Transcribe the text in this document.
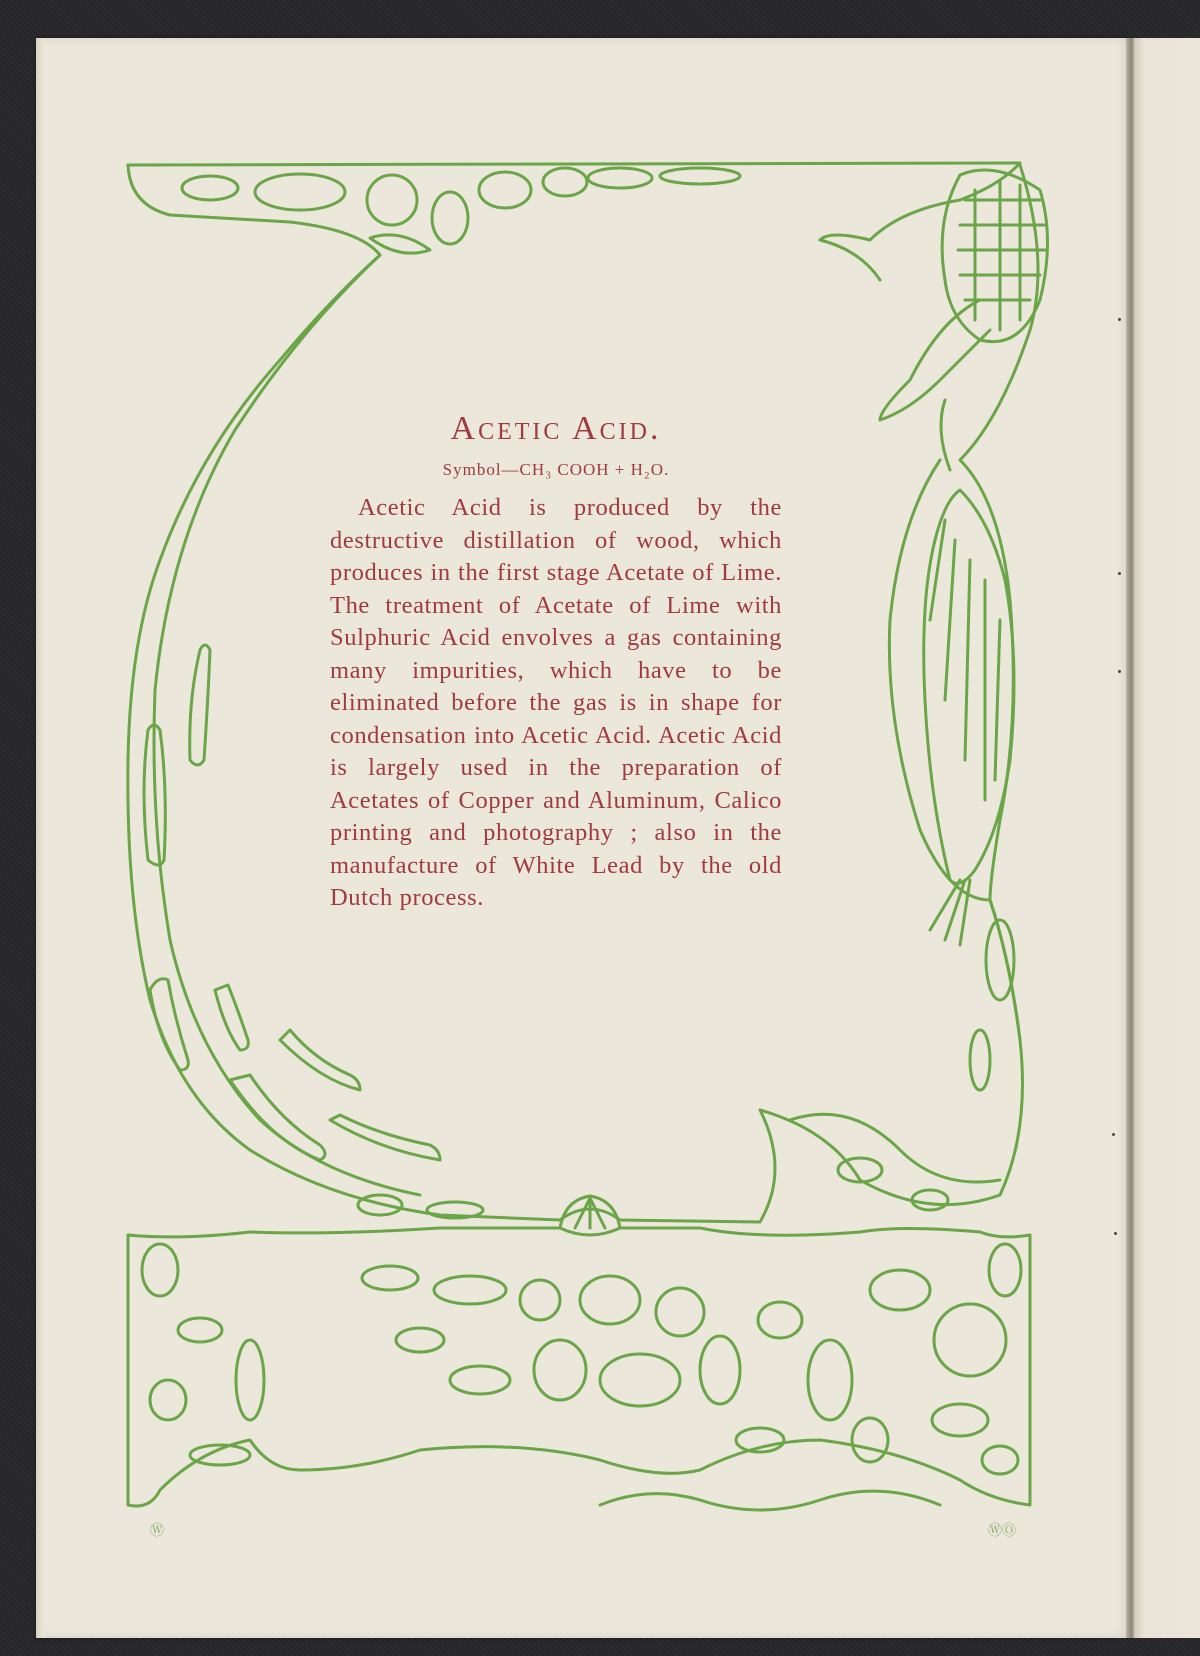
Ⓦ	ⓌⓄ
Acetic Acid.

Symbol—CH₃ COOH + H₂O.

Acetic Acid is produced by the destructive distillation of wood, which produces in the first stage Acetate of Lime. The treatment of Acetate of Lime with Sulphuric Acid envolves a gas containing many impurities, which have to be eliminated before the gas is in shape for condensation into Acetic Acid. Acetic Acid is largely used in the preparation of Acetates of Copper and Aluminum, Calico printing and photography ; also in the manufacture of White Lead by the old Dutch process.
